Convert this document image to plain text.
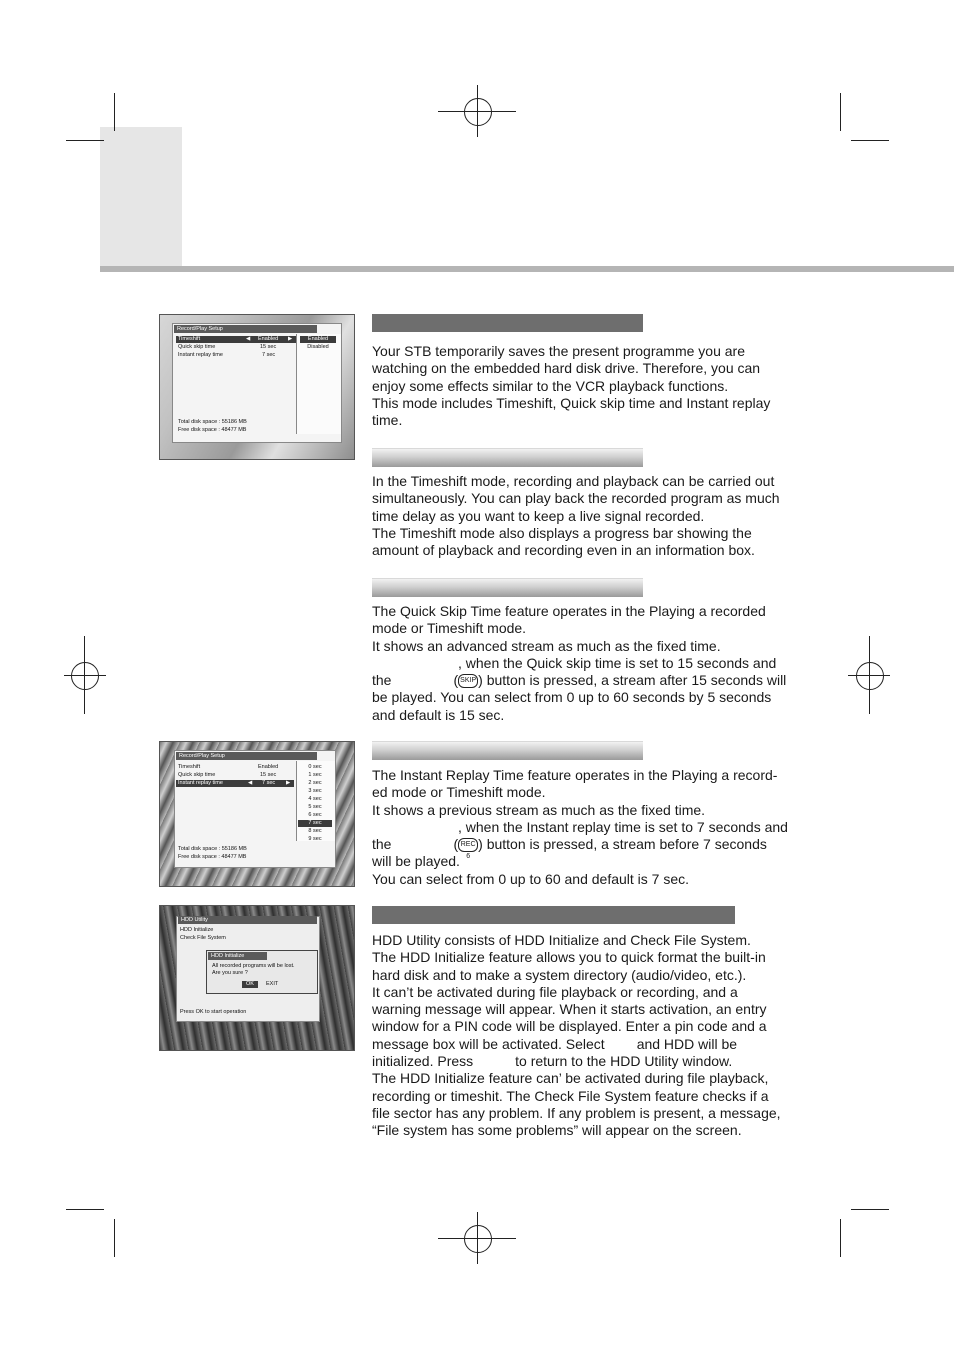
Record/Play Setup
Timeshift	◀ Enabled ▶
Quick skip time	15 sec
Instant replay time	7 sec
Enabled
Disabled
Total disk space : 55186 MB
Free disk space : 48477 MB
Record/Play Setup
Timeshift	Enabled
Quick skip time	15 sec
Instant replay time	◀ 7 sec ▶
0 sec
1 sec
2 sec
3 sec
4 sec
5 sec
6 sec
7 sec
8 sec
9 sec
Total disk space : 55186 MB
Free disk space : 48477 MB
HDD Utility
HDD Initialize
Check File System
HDD Initialize
All recorded programs will be lost.
Are you sure ?
OK	EXIT
Press OK to start operation

Your STB temporarily saves the present programme you are

watching on the embedded hard disk drive. Therefore, you can

enjoy some effects similar to the VCR playback functions.

This mode includes Timeshift, Quick skip time and Instant replay

time.

In the Timeshift mode, recording and playback can be carried out

simultaneously. You can play back the recorded program as much

time delay as you want to keep a live signal recorded.

The Timeshift mode also displays a progress bar showing the

amount of playback and recording even in an information box.

The Quick Skip Time feature operates in the Playing a recorded

mode or Timeshift mode.

It shows an advanced stream as much as the fixed time.

, when the Quick skip time is set to 15 seconds and

the	( SKIP ) button is pressed, a stream after 15 seconds will

be played. You can select from 0 up to 60 seconds by 5 seconds

and default is 15 sec.

The Instant Replay Time feature operates in the Playing a record-

ed mode or Timeshift mode.

It shows a previous stream as much as the fixed time.

, when the Instant replay time is set to 7 seconds and

the	( REC 6) button is pressed, a stream before 7 seconds

will be played.

You can select from 0 up to 60 and default is 7 sec.

HDD Utility consists of HDD Initialize and Check File System.

The HDD Initialize feature allows you to quick format the built-in

hard disk and to make a system directory (audio/video, etc.).

It can’t be activated during file playback or recording, and a

warning message will appear. When it starts activation, an entry

window for a PIN code will be displayed. Enter a pin code and a

message box will be activated. Select and HDD will be

initialized. Press	to return to the HDD Utility window.

The HDD Initialize feature can’ be activated during file playback,

recording or timeshit. The Check File System feature checks if a

file sector has any problem. If any problem is present, a message,

“File system has some problems” will appear on the screen.
